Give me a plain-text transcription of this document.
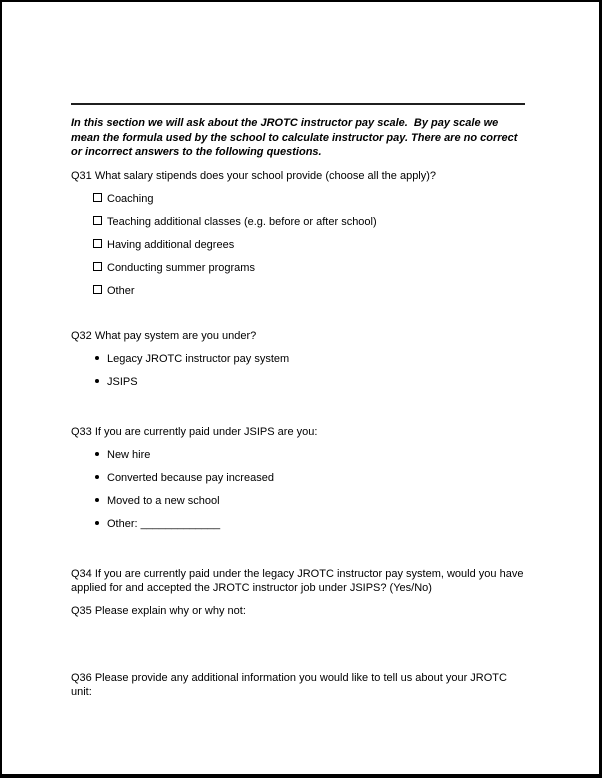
In this section we will ask about the JROTC instructor pay scale.  By pay scale we mean the formula used by the school to calculate instructor pay. There are no correct or incorrect answers to the following questions.

Q31 What salary stipends does your school provide (choose all the apply)?

Coaching
Teaching additional classes (e.g. before or after school)
Having additional degrees
Conducting summer programs
Other

Q32 What pay system are you under?

Legacy JROTC instructor pay system
JSIPS

Q33 If you are currently paid under JSIPS are you:

New hire
Converted because pay increased
Moved to a new school
Other: _____________

Q34 If you are currently paid under the legacy JROTC instructor pay system, would you have applied for and accepted the JROTC instructor job under JSIPS? (Yes/No)

Q35 Please explain why or why not:

Q36 Please provide any additional information you would like to tell us about your JROTC unit:
